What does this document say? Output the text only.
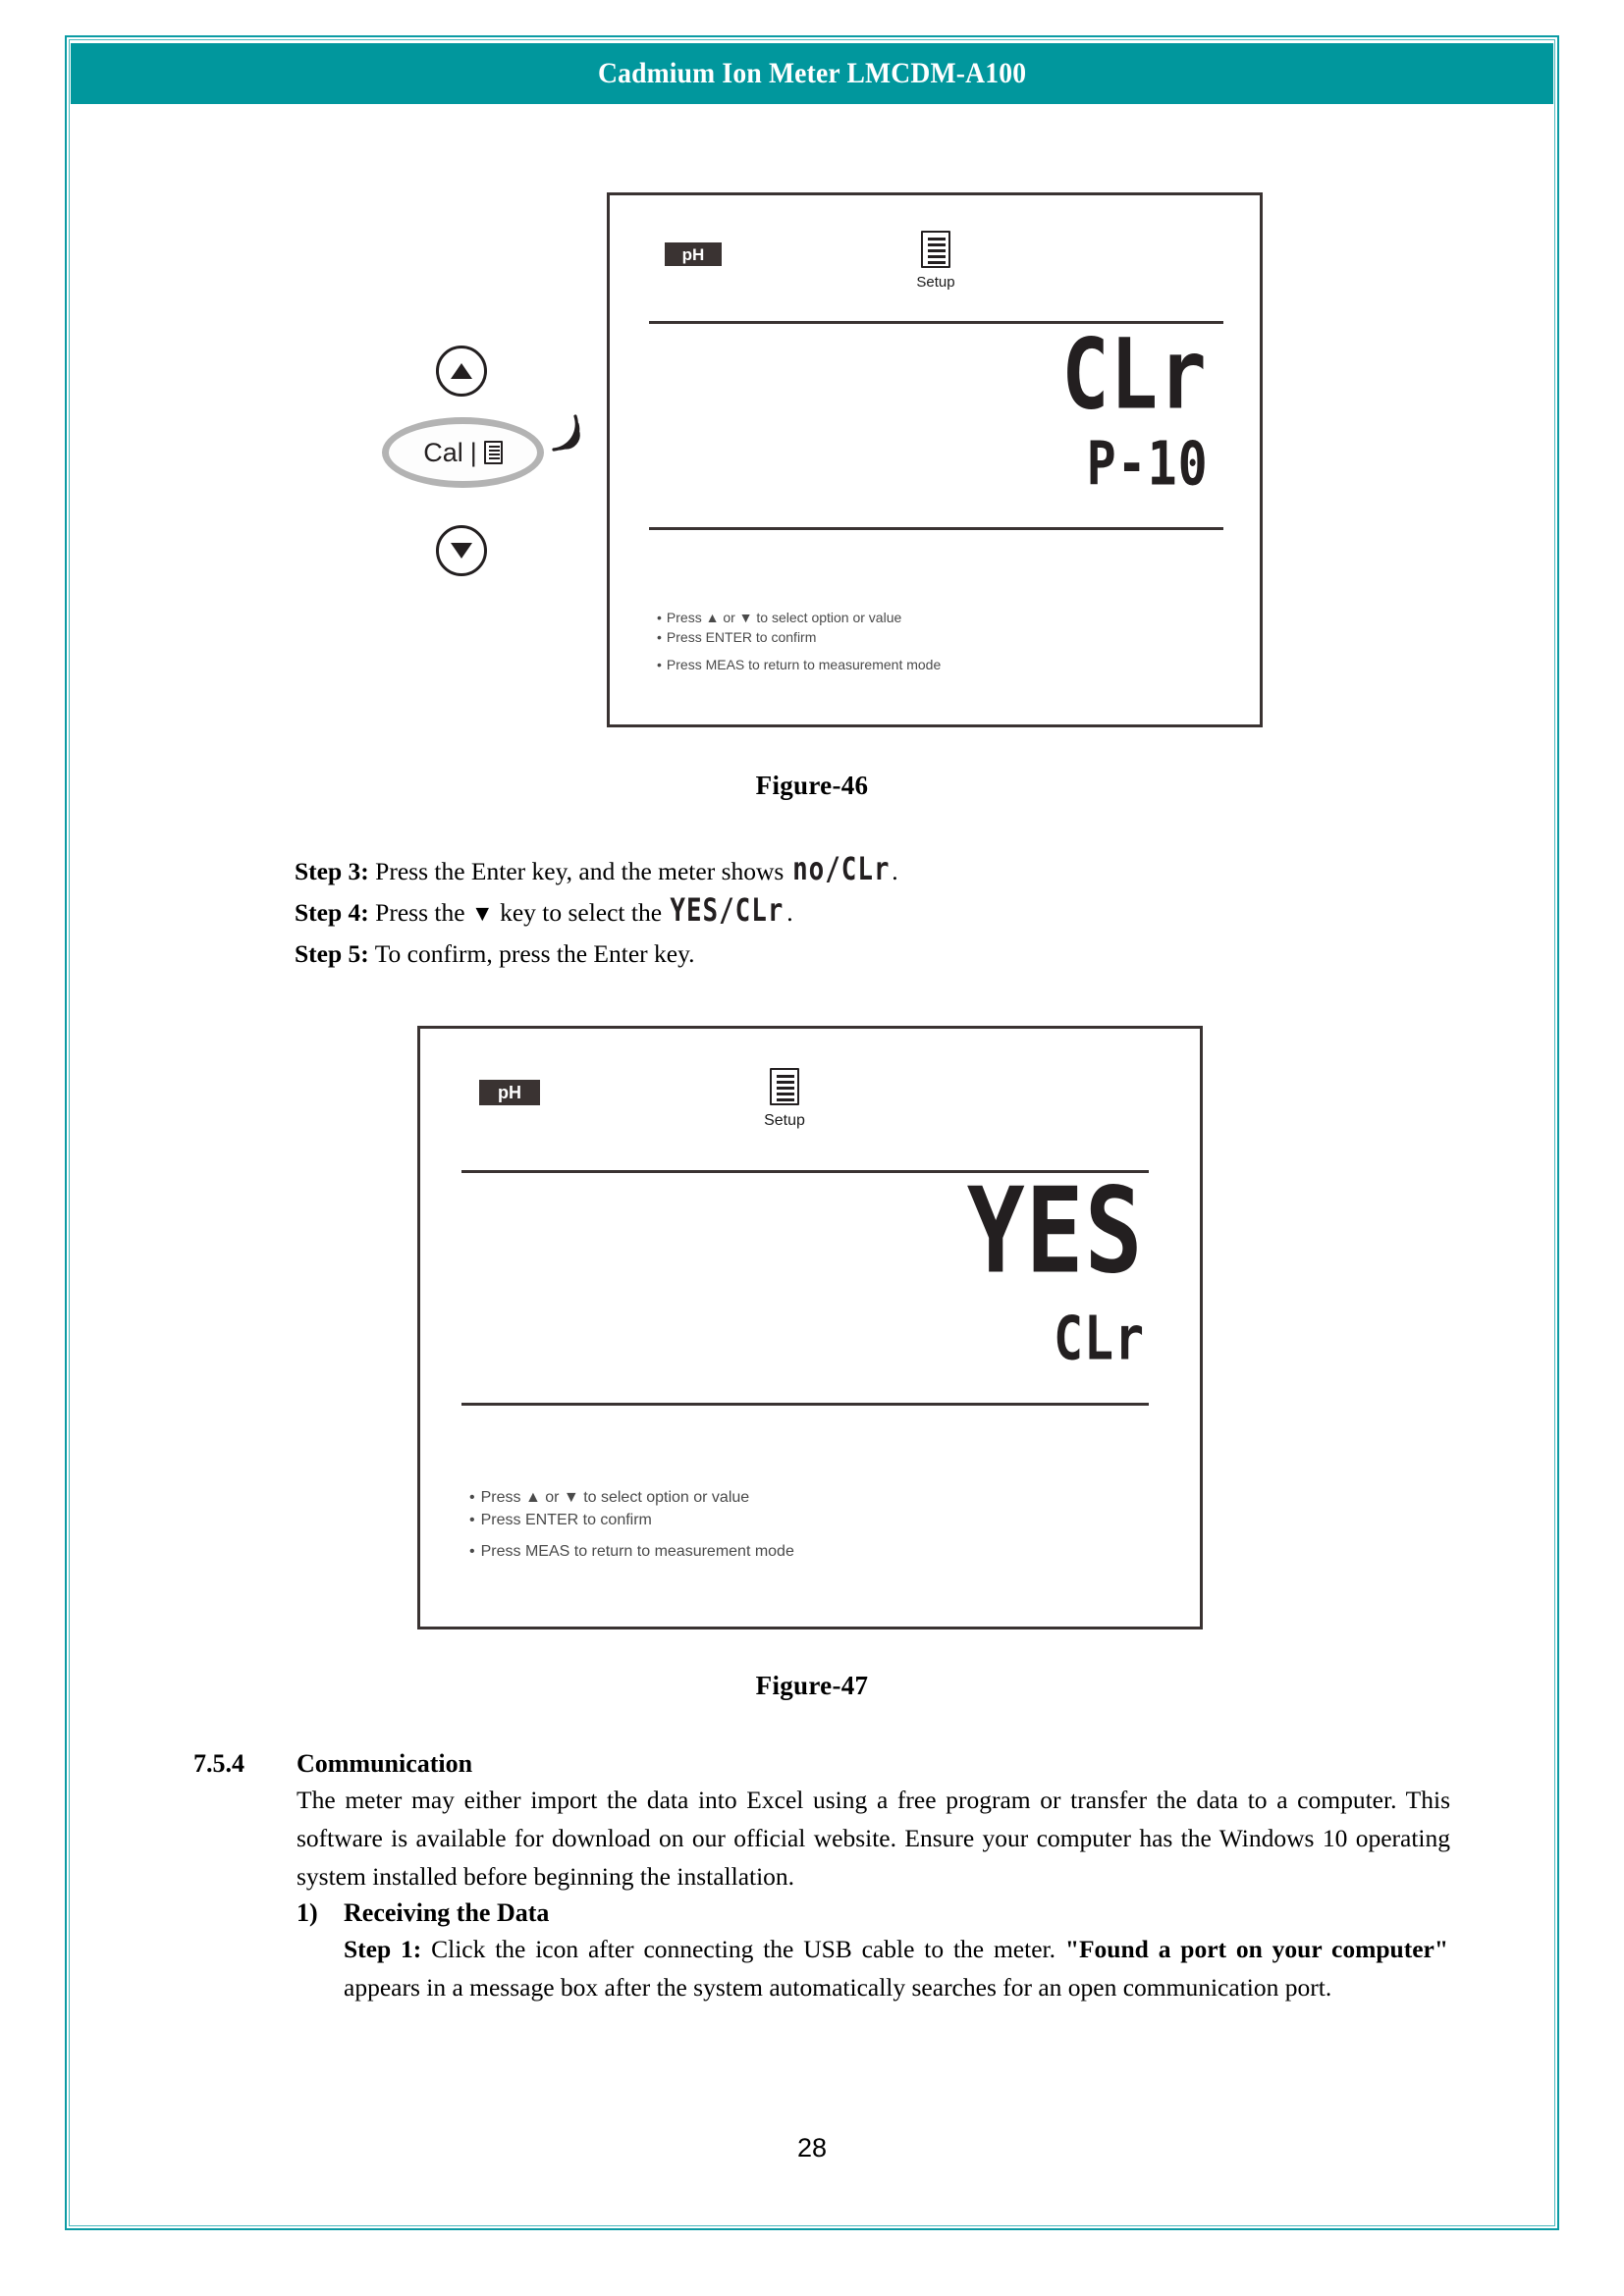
Cadmium Ion Meter LMCDM-A100
Cal |
pH
Setup
CLr
P-10
• Press ▲ or ▼ to select option or value
• Press ENTER to confirm
• Press MEAS to return to measurement mode
Figure-46
Step 3: Press the Enter key, and the meter shows no/CLr.
Step 4: Press the ▼ key to select the YES/CLr.
Step 5: To confirm, press the Enter key.
pH
Setup
YES
CLr
• Press ▲ or ▼ to select option or value
• Press ENTER to confirm
• Press MEAS to return to measurement mode
Figure-47
7.5.4	Communication
The meter may either import the data into Excel using a free program or transfer the data to a computer. This software is available for download on our official website. Ensure your computer has the Windows 10 operating system installed before beginning the installation.
1)	Receiving the Data
Step 1: Click the icon after connecting the USB cable to the meter. "Found a port on your computer" appears in a message box after the system automatically searches for an open communication port.
28
